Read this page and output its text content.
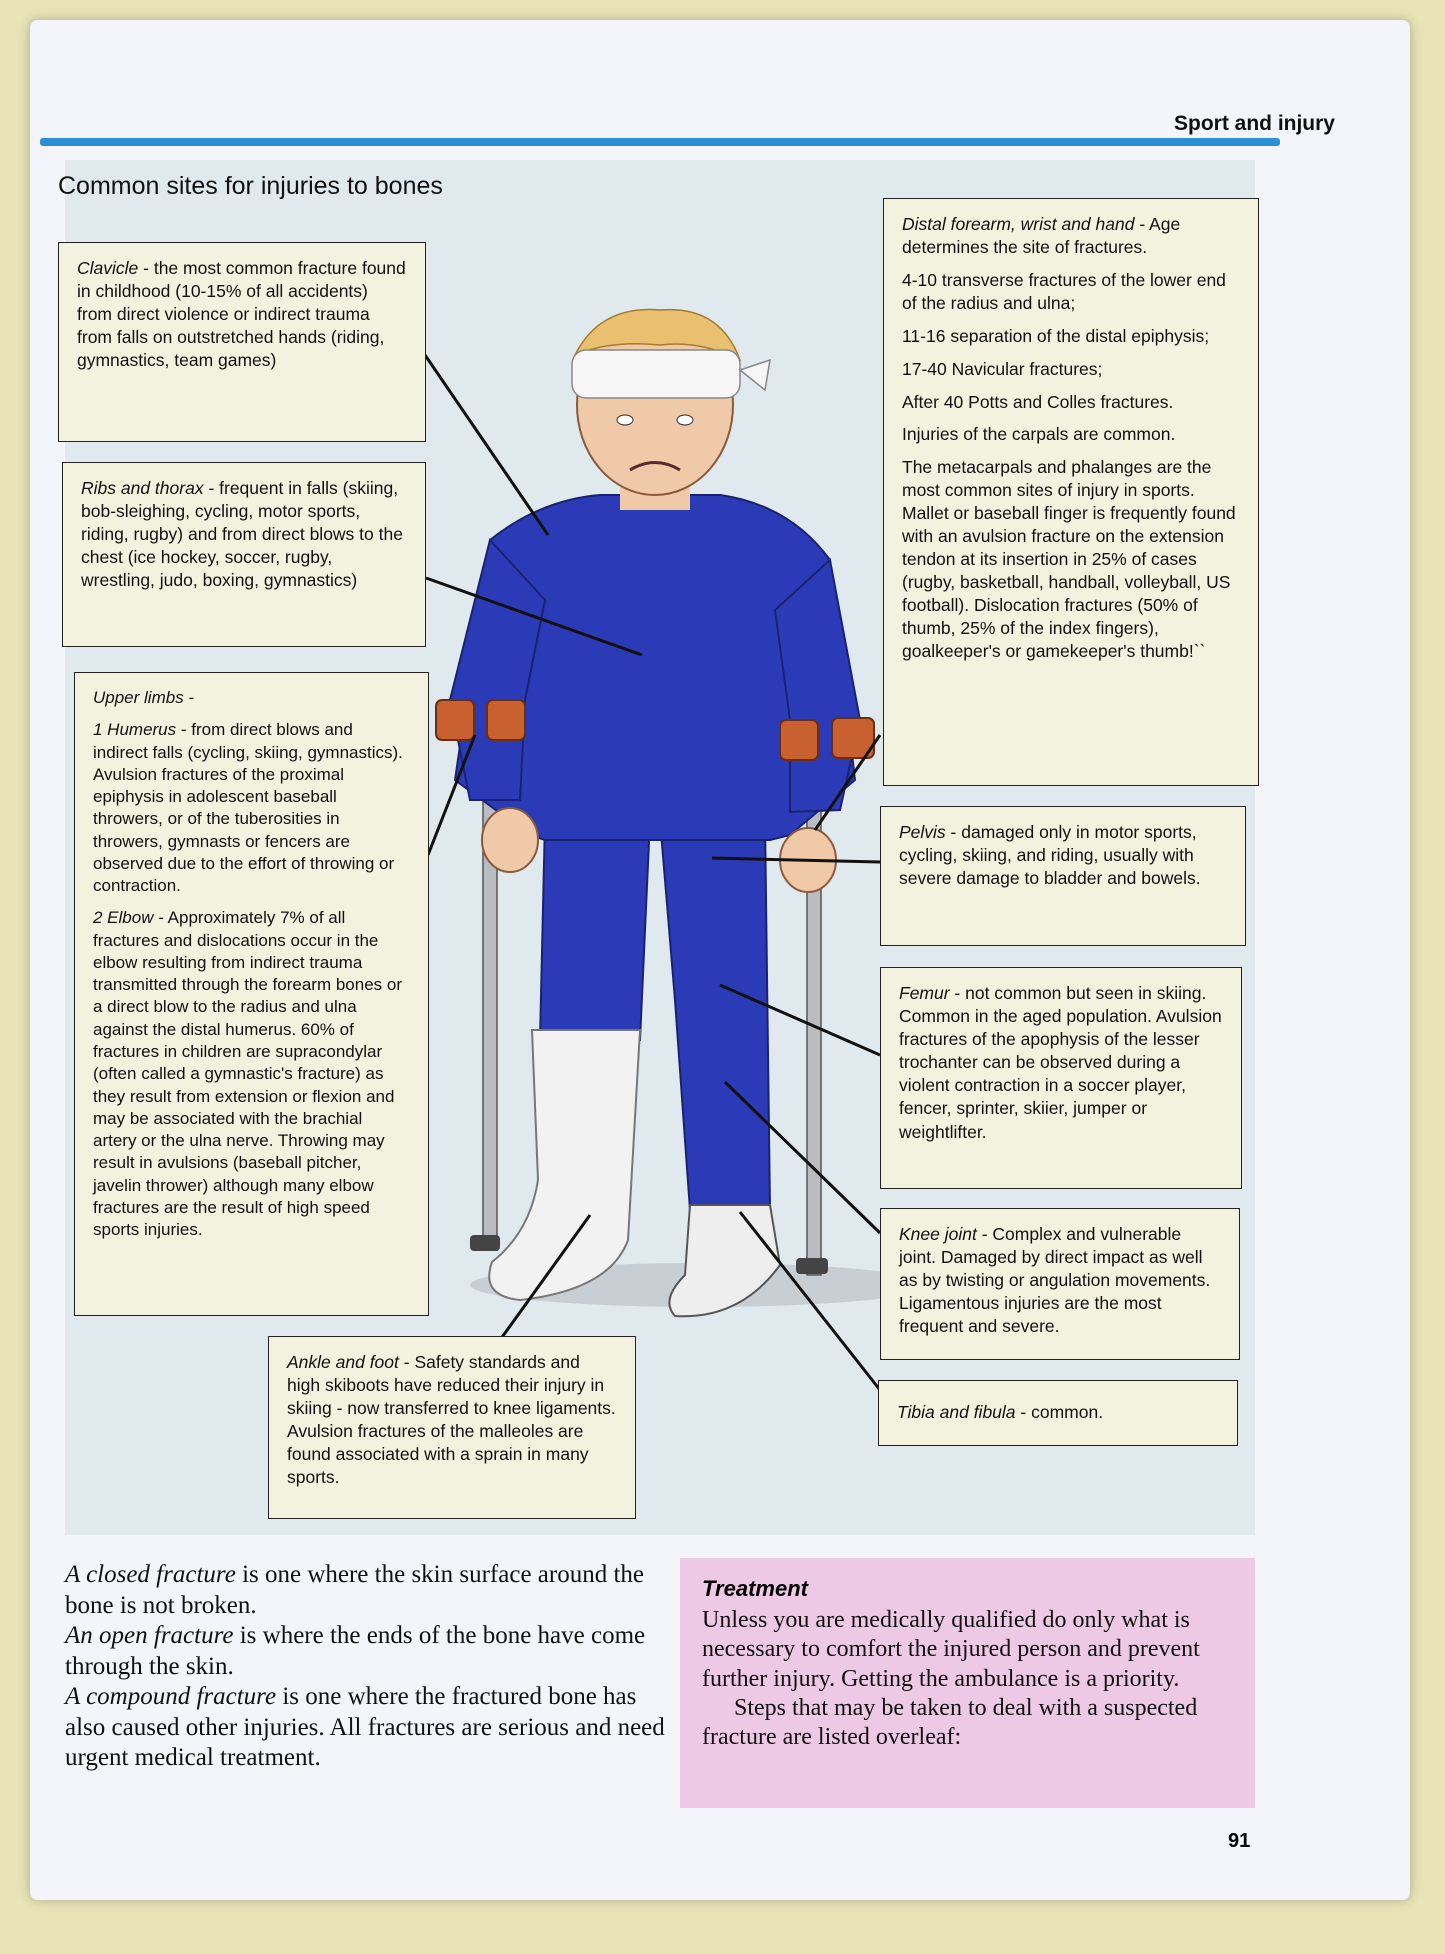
Sport and injury
Common sites for injuries to bones

Clavicle - the most common fracture found in childhood (10-15% of all accidents) from direct violence or indirect trauma from falls on outstretched hands (riding, gymnastics, team games)

Ribs and thorax - frequent in falls (skiing, bob-sleighing, cycling, motor sports, riding, rugby) and from direct blows to the chest (ice hockey, soccer, rugby, wrestling, judo, boxing, gymnastics)

Upper limbs -

1 Humerus - from direct blows and indirect falls (cycling, skiing, gymnastics). Avulsion fractures of the proximal epiphysis in adolescent baseball throwers, or of the tuberosities in throwers, gymnasts or fencers are observed due to the effort of throwing or contraction.

2 Elbow - Approximately 7% of all fractures and dislocations occur in the elbow resulting from indirect trauma transmitted through the forearm bones or a direct blow to the radius and ulna against the distal humerus. 60% of fractures in children are supracondylar (often called a gymnastic's fracture) as they result from extension or flexion and may be associated with the brachial artery or the ulna nerve. Throwing may result in avulsions (baseball pitcher, javelin thrower) although many elbow fractures are the result of high speed sports injuries.

Distal forearm, wrist and hand - Age determines the site of fractures.

4-10 transverse fractures of the lower end of the radius and ulna;

11-16 separation of the distal epiphysis;

17-40 Navicular fractures;

After 40 Potts and Colles fractures.

Injuries of the carpals are common.

The metacarpals and phalanges are the most common sites of injury in sports. Mallet or baseball finger is frequently found with an avulsion fracture on the extension tendon at its insertion in 25% of cases (rugby, basketball, handball, volleyball, US football). Dislocation fractures (50% of thumb, 25% of the index fingers), goalkeeper's or gamekeeper's thumb!``

Pelvis - damaged only in motor sports, cycling, skiing, and riding, usually with severe damage to bladder and bowels.

Femur - not common but seen in skiing. Common in the aged population. Avulsion fractures of the apophysis of the lesser trochanter can be observed during a violent contraction in a soccer player, fencer, sprinter, skiier, jumper or weightlifter.

Knee joint - Complex and vulnerable joint. Damaged by direct impact as well as by twisting or angulation movements. Ligamentous injuries are the most frequent and severe.

Tibia and fibula - common.

Ankle and foot - Safety standards and high skiboots have reduced their injury in skiing - now transferred to knee ligaments. Avulsion fractures of the malleoles are found associated with a sprain in many sports.

A closed fracture is one where the skin surface around the bone is not broken.

An open fracture is where the ends of the bone have come through the skin.

A compound fracture is one where the fractured bone has also caused other injuries. All fractures are serious and need urgent medical treatment.

Treatment

Unless you are medically qualified do only what is necessary to comfort the injured person and prevent further injury. Getting the ambulance is a priority.

Steps that may be taken to deal with a suspected fracture are listed overleaf:

91
